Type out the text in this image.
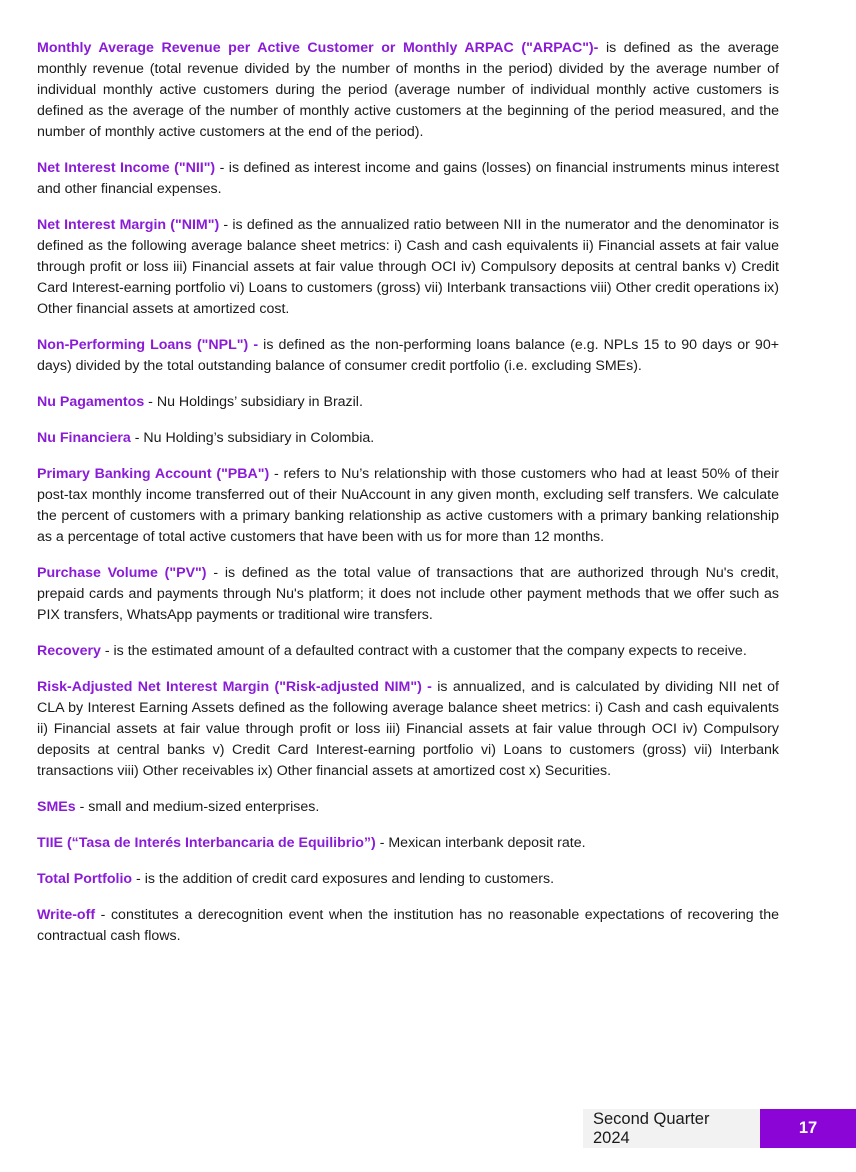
Monthly Average Revenue per Active Customer or Monthly ARPAC ("ARPAC")- is defined as the average monthly revenue (total revenue divided by the number of months in the period) divided by the average number of individual monthly active customers during the period (average number of individual monthly active customers is defined as the average of the number of monthly active customers at the beginning of the period measured, and the number of monthly active customers at the end of the period).

Net Interest Income ("NII") - is defined as interest income and gains (losses) on financial instruments minus interest and other financial expenses.

Net Interest Margin ("NIM") - is defined as the annualized ratio between NII in the numerator and the denominator is defined as the following average balance sheet metrics: i) Cash and cash equivalents ii) Financial assets at fair value through profit or loss iii) Financial assets at fair value through OCI iv) Compulsory deposits at central banks v) Credit Card Interest-earning portfolio vi) Loans to customers (gross) vii) Interbank transactions viii) Other credit operations ix) Other financial assets at amortized cost.

Non-Performing Loans ("NPL") - is defined as the non-performing loans balance (e.g. NPLs 15 to 90 days or 90+ days) divided by the total outstanding balance of consumer credit portfolio (i.e. excluding SMEs).

Nu Pagamentos - Nu Holdings’ subsidiary in Brazil.

Nu Financiera - Nu Holding’s subsidiary in Colombia.

Primary Banking Account ("PBA") - refers to Nu’s relationship with those customers who had at least 50% of their post-tax monthly income transferred out of their NuAccount in any given month, excluding self transfers. We calculate the percent of customers with a primary banking relationship as active customers with a primary banking relationship as a percentage of total active customers that have been with us for more than 12 months.

Purchase Volume ("PV") - is defined as the total value of transactions that are authorized through Nu's credit, prepaid cards and payments through Nu's platform; it does not include other payment methods that we offer such as PIX transfers, WhatsApp payments or traditional wire transfers.

Recovery - is the estimated amount of a defaulted contract with a customer that the company expects to receive.

Risk-Adjusted Net Interest Margin ("Risk-adjusted NIM") - is annualized, and is calculated by dividing NII net of CLA by Interest Earning Assets defined as the following average balance sheet metrics: i) Cash and cash equivalents ii) Financial assets at fair value through profit or loss iii) Financial assets at fair value through OCI iv) Compulsory deposits at central banks v) Credit Card Interest-earning portfolio vi) Loans to customers (gross) vii) Interbank transactions viii) Other receivables ix) Other financial assets at amortized cost x) Securities.

SMEs - small and medium-sized enterprises.

TIIE (“Tasa de Interés Interbancaria de Equilibrio”) - Mexican interbank deposit rate.

Total Portfolio - is the addition of credit card exposures and lending to customers.

Write-off - constitutes a derecognition event when the institution has no reasonable expectations of recovering the contractual cash flows.

Second Quarter 2024
17
